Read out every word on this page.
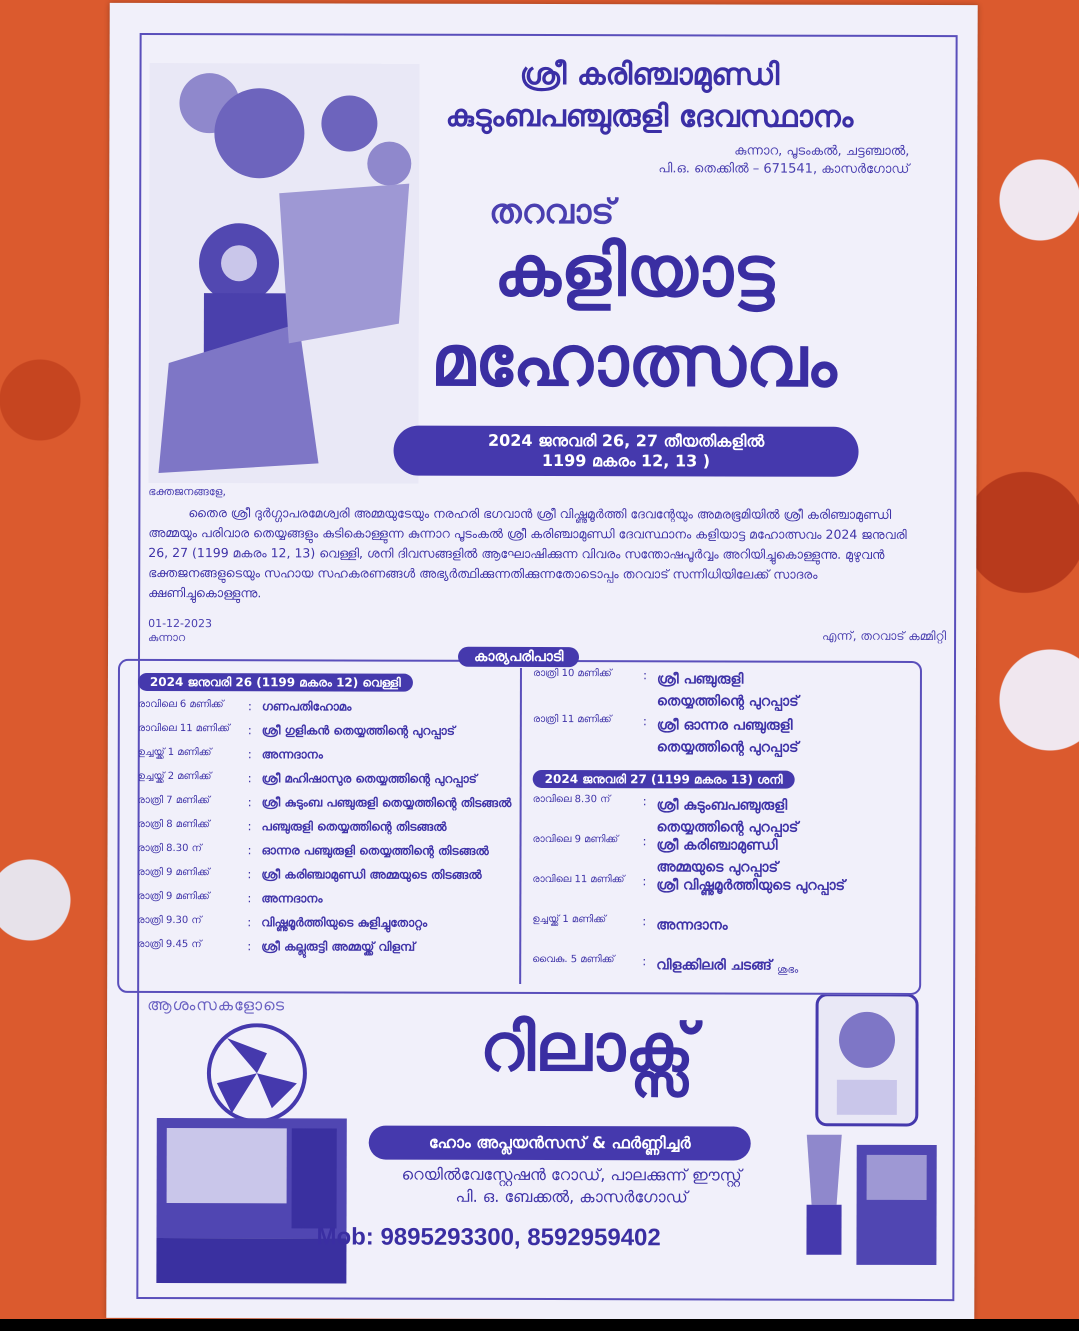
ശ്രീ കരിഞ്ചാമുണ്ഡി
കുടുംബപഞ്ചുരുളി ദേവസ്ഥാനം
കുന്നാറ, പൂടംകൽ, ചട്ടഞ്ചാൽ,
പി.ഒ. തെക്കിൽ – 671541, കാസർഗോഡ്
തറവാട്
കളിയാട്ട
മഹോത്സവം
2024 ജനുവരി 26, 27 തീയതികളിൽ
1199 മകരം 12, 13 )
ഭക്തജനങ്ങളേ,
തൈര ശ്രീ ദുർഗ്ഗാപരമേശ്വരി അമ്മയുടേയും നരഹരി ഭഗവാൻ ശ്രീ വിഷ്ണുമൂർത്തി ദേവന്റേയും അമരഭൂമിയിൽ ശ്രീ കരിഞ്ചാമുണ്ഡി അമ്മയും പരിവാര തെയ്യങ്ങളും കുടികൊള്ളുന്ന കുന്നാറ പൂടംകൽ ശ്രീ കരിഞ്ചാമുണ്ഡി ദേവസ്ഥാനം കളിയാട്ട മഹോത്സവം 2024 ജനുവരി 26, 27 (1199 മകരം 12, 13) വെള്ളി, ശനി ദിവസങ്ങളിൽ ആഘോഷിക്കുന്ന വിവരം സന്തോഷപൂർവ്വം അറിയിച്ചുകൊള്ളുന്നു. മുഴുവൻ ഭക്തജനങ്ങളുടെയും സഹായ സഹകരണങ്ങൾ അഭ്യർത്ഥിക്കുന്നതിക്കുന്നതോടൊപ്പം തറവാട് സന്നിധിയിലേക്ക് സാദരം ക്ഷണിച്ചുകൊള്ളുന്നു.
01-12-2023
കുന്നാറ	എന്ന്, തറവാട് കമ്മിറ്റി
കാര്യപരിപാടി
2024 ജനുവരി 26 (1199 മകരം 12) വെള്ളി
രാവിലെ 6 മണിക്ക്	: ഗണപതിഹോമം
രാവിലെ 11 മണിക്ക്	: ശ്രീ ഗുളികൻ തെയ്യത്തിന്റെ പുറപ്പാട്
ഉച്ചയ്ക്ക് 1 മണിക്ക്	: അന്നദാനം
ഉച്ചയ്ക്ക് 2 മണിക്ക്	: ശ്രീ മഹിഷാസുര തെയ്യത്തിന്റെ പുറപ്പാട്
രാത്രി 7 മണിക്ക്	: ശ്രീ കുടുംബ പഞ്ചുരുളി തെയ്യത്തിന്റെ തിടങ്ങൽ
രാത്രി 8 മണിക്ക്	: പഞ്ചുരുളി തെയ്യത്തിന്റെ തിടങ്ങൽ
രാത്രി 8.30 ന്	: ഓന്നര പഞ്ചുരുളി തെയ്യത്തിന്റെ തിടങ്ങൽ
രാത്രി 9 മണിക്ക്	: ശ്രീ കരിഞ്ചാമുണ്ഡി അമ്മയുടെ തിടങ്ങൽ
രാത്രി 9 മണിക്ക്	: അന്നദാനം
രാത്രി 9.30 ന്	: വിഷ്ണുമൂർത്തിയുടെ കുളിച്ചുതോറ്റം
രാത്രി 9.45 ന്	: ശ്രീ കല്ലുരുട്ടി അമ്മയ്ക്ക് വിളമ്പ്
രാത്രി 10 മണിക്ക്	: ശ്രീ പഞ്ചുരുളി
തെയ്യത്തിന്റെ പുറപ്പാട്
രാത്രി 11 മണിക്ക്	: ശ്രീ ഓന്നര പഞ്ചുരുളി
തെയ്യത്തിന്റെ പുറപ്പാട്
2024 ജനുവരി 27 (1199 മകരം 13) ശനി
രാവിലെ 8.30 ന്	: ശ്രീ കുടുംബപഞ്ചുരുളി
തെയ്യത്തിന്റെ പുറപ്പാട്
രാവിലെ 9 മണിക്ക്	: ശ്രീ കരിഞ്ചാമുണ്ഡി
അമ്മയുടെ പുറപ്പാട്
രാവിലെ 11 മണിക്ക്	: ശ്രീ വിഷ്ണുമൂർത്തിയുടെ പുറപ്പാട്
ഉച്ചയ്ക്ക് 1 മണിക്ക്	: അന്നദാനം
വൈകു. 5 മണിക്ക്	: വിളക്കിലരി ചടങ്ങ് ശുഭം
ആശംസകളോടെ
റിലാക്സ്
ഹോം അപ്ലയൻസസ് & ഫർണ്ണിച്ചർ
റെയിൽവേസ്റ്റേഷൻ റോഡ്, പാലക്കുന്ന് ഈസ്റ്റ്
പി. ഒ. ബേക്കൽ, കാസർഗോഡ്
Mob: 9895293300, 8592959402
